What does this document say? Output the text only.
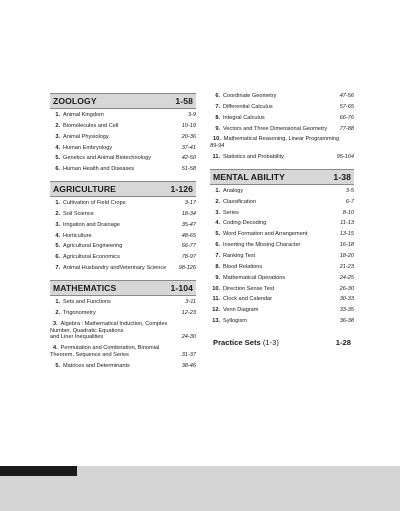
ZOOLOGY	1-58
1. Animal Kingdom	3-9
2. Biomolecules and Cell	10-19
3. Animal Physiology	20-36
4. Human Embryology	37-41
5. Genetics and Animal Biotechnology	42-50
6. Human Health and Diseases	51-58
AGRICULTURE	1-126
1. Cultivation of Field Crops	3-17
2. Soil Science	18-34
3. Irrigation and Drainage	35-47
4. Horticulture	48-65
5. Agricultural Engineering	66-77
6. Agricultural Economics	78-97
7. Animal Husbandry andVeterinary Science 98-126
MATHEMATICS	1-104
1. Sets and Functions	3-11
2. Trigonometry	12-23
3. Algebra : Mathematical Induction, Complex
Number, Quadratic Equations
and Liner Inequalities	24-30
4. Permutation and Combination, Binomial
Theorem, Sequence and Series	31-37
5. Matrices and Determinants	38-46
6. Coordinate Geometry	47-56
7. Differential Calculus	57-65
8. Integral Calculus	66-76
9. Vectors and Three Dimensional Geometry 77-88
10. Mathematical Reasoning, Linear Programming
89-94
11. Statistics and Probability	95-104
MENTAL ABILITY	1-38
1. Analogy	3-5
2. Classification	6-7
3. Series	8-10
4. Coding-Decoding	11-13
5. Word Formation and Arrangement	13-15
6. Inserting the Missing Character	16-18
7. Ranking Test	18-20
8. Blood Relations	21-23
9. Mathematical Operations	24-25
10. Direction Sense Test	26-30
11. Clock and Calendar	30-33
12. Venn Diagram	33-35
13. Syllogism	36-38
Practice Sets (1-3)	1-28
